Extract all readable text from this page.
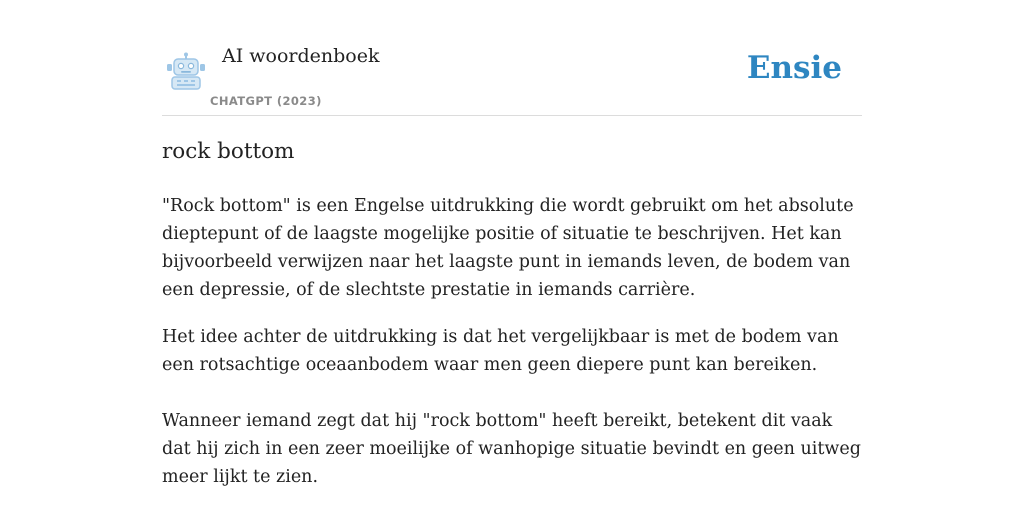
AI woordenboek
CHATGPT (2023)
Ensie
rock bottom

"Rock bottom" is een Engelse uitdrukking die wordt gebruikt om het absolute dieptepunt of de laagste mogelijke positie of situatie te beschrijven. Het kan bijvoorbeeld verwijzen naar het laagste punt in iemands leven, de bodem van een depressie, of de slechtste prestatie in iemands carrière.

Het idee achter de uitdrukking is dat het vergelijkbaar is met de bodem van een rotsachtige oceaanbodem waar men geen diepere punt kan bereiken.

Wanneer iemand zegt dat hij "rock bottom" heeft bereikt, betekent dit vaak dat hij zich in een zeer moeilijke of wanhopige situatie bevindt en geen uitweg meer lijkt te zien.
